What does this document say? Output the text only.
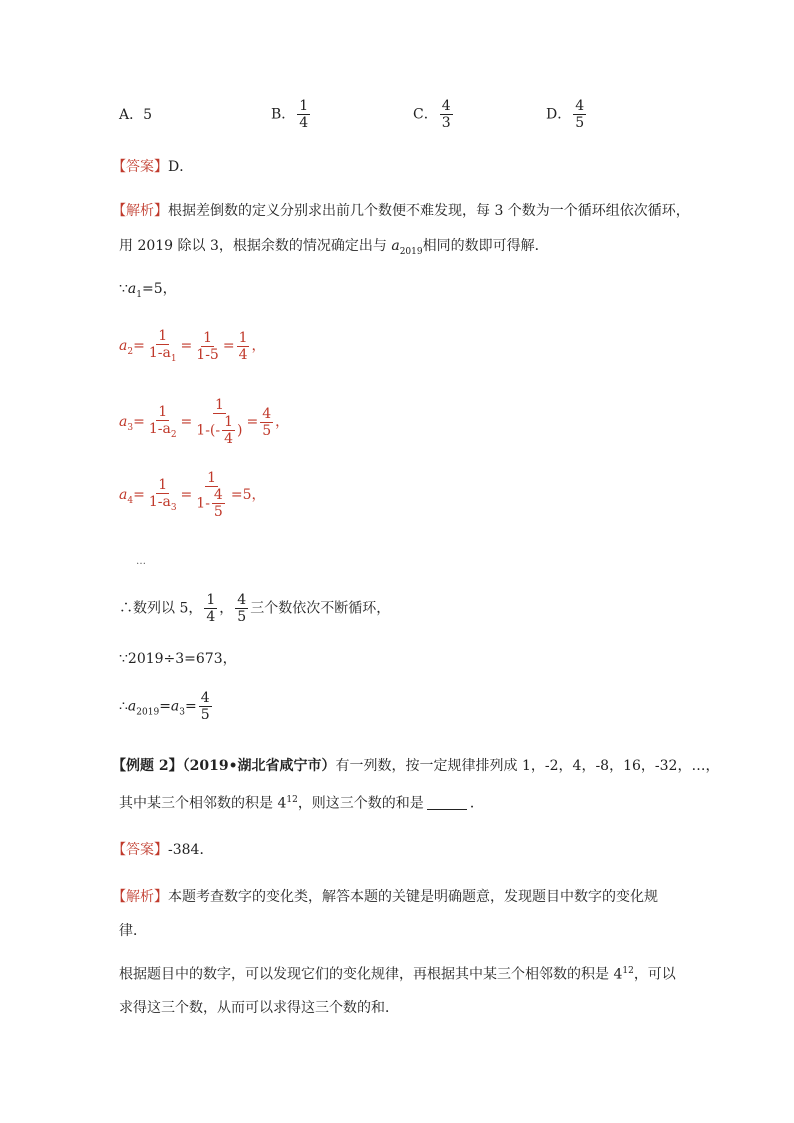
A．5	B． $\frac{1}{4}$	C． $\frac{4}{3}$	D． $\frac{4}{5}$
【答案】D．
【解析】根据差倒数的定义分别求出前几个数便不难发现，每 3 个数为一个循环组依次循环，
用 2019 除以 3，根据余数的情况确定出与 $a_{2019}$相同的数即可得解．
$\because a_1=5$，
$a_2= \frac{1}{1-a_1} = \frac{1}{1-5} = \frac{1}{4}$ ，
$a_3= \frac{1}{1-a_2} = \frac{1}{1-(- \frac{1}{4} )} = \frac{4}{5}$ ，
$a_4= \frac{1}{1-a_3} = \frac{1}{1- \frac{4}{5}} =5$，
…
∴数列以 5， $\frac{1}{4}$ ， $\frac{4}{5}$ 三个数依次不断循环，
∵2019÷3=673，
$\therefore a_{2019}=a_3= \frac{4}{5}$
【例题 2】（2019•湖北省咸宁市）有一列数，按一定规律排列成 1，-2，4，-8，16，-32，…，
其中某三个相邻数的积是 $4^{12}$，则这三个数的和是	．
【答案】-384．
【解析】本题考查数字的变化类，解答本题的关键是明确题意，发现题目中数字的变化规
律．
根据题目中的数字，可以发现它们的变化规律，再根据其中某三个相邻数的积是 $4^{12}$，可以
求得这三个数，从而可以求得这三个数的和．
